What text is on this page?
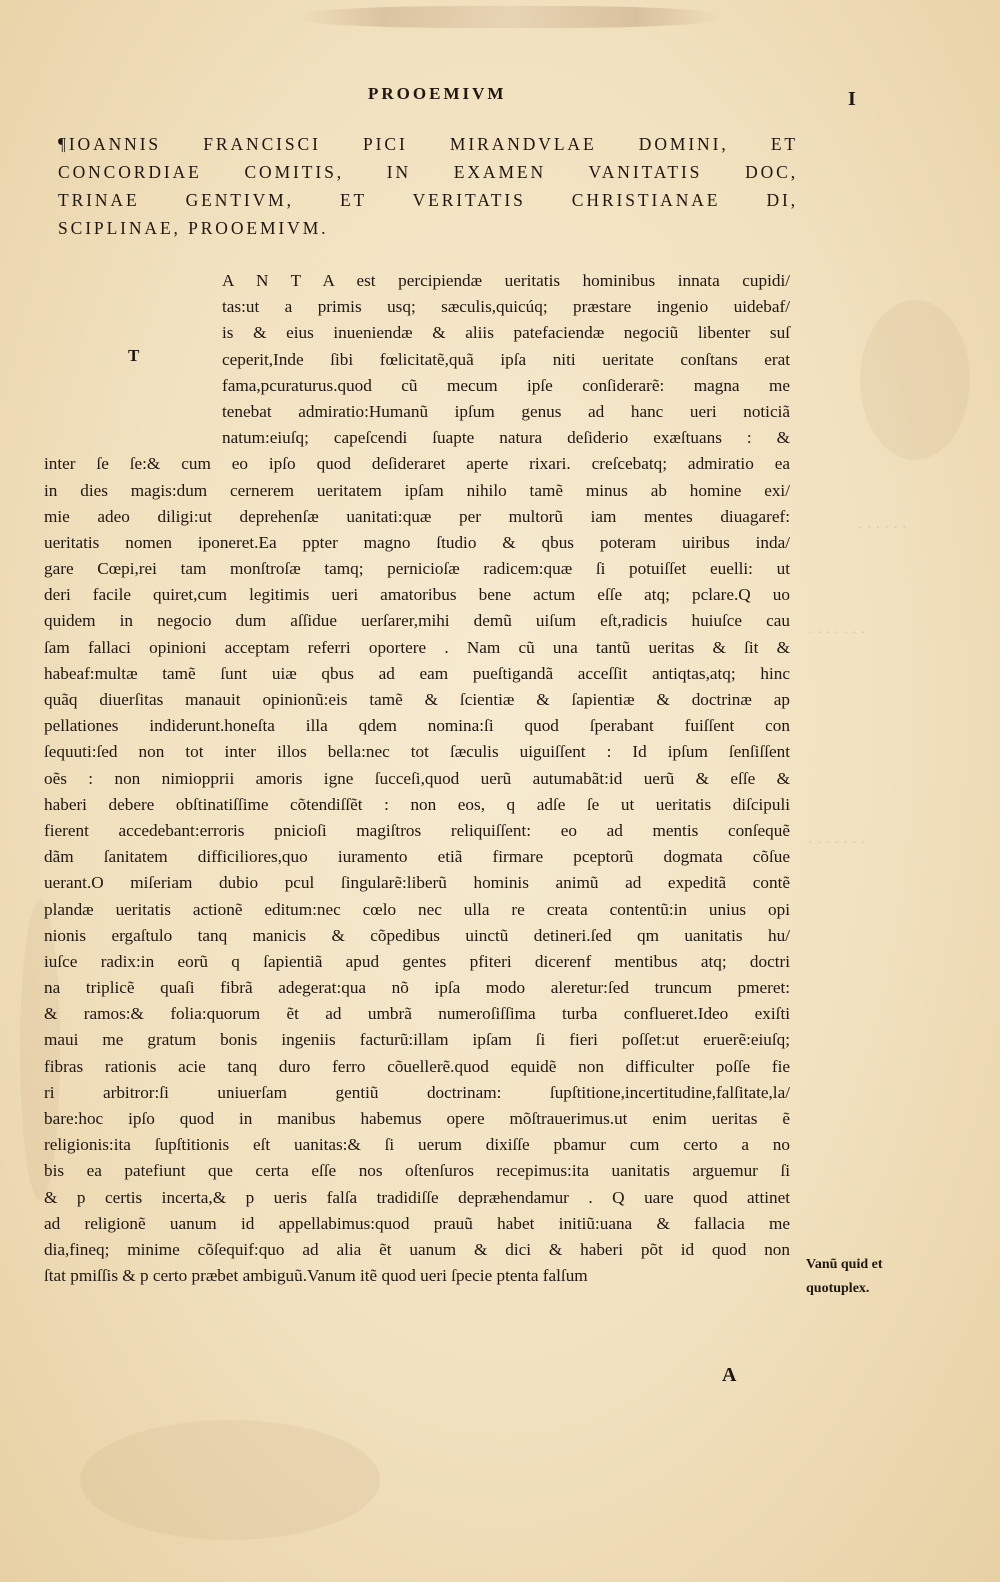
· · · · · ·
· · · · · · ·
· · · · · · ·
PROOEMIVM	I
¶IOANNIS FRANCISCI PICI MIRANDVLAE DOMINI, ET
CONCORDIAE COMITIS, IN EXAMEN VANITATIS DOC,
TRINAE GENTIVM, ET VERITATIS CHRISTIANAE DI,
SCIPLINAE, PROOEMIVM.
T
A N T A est percipiendæ ueritatis hominibus innata cupidi/
tas:ut a primis usq; sæculis,quicúq; præstare ingenio uidebaf/
is & eius inueniendæ & aliis patefaciendæ negociũ libenter suſ
ceperit,Inde ſibi fœlicitatẽ,quã ipſa niti ueritate conſtans erat
fama,pcuraturus.quod cũ mecum ipſe conſiderarẽ: magna me
tenebat admiratio:Humanũ ipſum genus ad hanc ueri noticiã
natum:eiuſq; capeſcendi ſuapte natura deſiderio exæſtuans : &
inter ſe ſe:& cum eo ipſo quod deſideraret aperte rixari. creſcebatq; admiratio ea
in dies magis:dum cernerem ueritatem ipſam nihilo tamẽ minus ab homine exi/
mie adeo diligi:ut deprehenſæ uanitati:quæ per multorũ iam mentes diuagaref:
ueritatis nomen iponeret.Ea ppter magno ſtudio & qbus poteram uiribus inda/
gare Cœpi,rei tam monſtroſæ tamq; pernicioſæ radicem:quæ ſi potuiſſet euelli: ut
deri facile quiret,cum legitimis ueri amatoribus bene actum eſſe atq; pclare.Q uo
quidem in negocio dum aſſidue uerſarer,mihi demũ uiſum eſt,radicis huiuſce cau
ſam fallaci opinioni acceptam referri oportere . Nam cũ una tantũ ueritas & ſit &
habeaf:multæ tamẽ ſunt uiæ qbus ad eam pueſtigandã acceſſit antiqtas,atq; hinc
quãq diuerſitas manauit opinionũ:eis tamẽ & ſcientiæ & ſapientiæ & doctrinæ ap
pellationes indiderunt.honeſta illa qdem nomina:ſi quod ſperabant fuiſſent con
ſequuti:ſed non tot inter illos bella:nec tot ſæculis uiguiſſent : Id ipſum ſenſiſſent
oẽs : non nimiopprii amoris igne ſucceſi,quod uerũ autumabãt:id uerũ & eſſe &
haberi debere obſtinatiſſime cõtendiſſẽt : non eos, q adſe ſe ut ueritatis diſcipuli
fierent accedebant:erroris pnicioſi magiſtros reliquiſſent: eo ad mentis conſequẽ
dãm ſanitatem difficiliores,quo iuramento etiã firmare pceptorũ dogmata cõſue
uerant.O miſeriam dubio pcul ſingularẽ:liberũ hominis animũ ad expeditã contẽ
plandæ ueritatis actionẽ editum:nec cœlo nec ulla re creata contentũ:in unius opi
nionis ergaſtulo tanq manicis & cõpedibus uinctũ detineri.ſed qm uanitatis hu/
iuſce radix:in eorũ q ſapientiã apud gentes pfiteri dicerenf mentibus atq; doctri
na triplicẽ quaſi fibrã adegerat:qua nõ ipſa modo aleretur:ſed truncum pmeret:
& ramos:& folia:quorum ẽt ad umbrã numeroſiſſima turba conflueret.Ideo exiſti
maui me gratum bonis ingeniis facturũ:illam ipſam ſi fieri poſſet:ut eruerẽ:eiuſq;
fibras rationis acie tanq duro ferro cõuellerẽ.quod equidẽ non difficulter poſſe fie
ri arbitror:ſi uniuerſam gentiũ doctrinam: ſupſtitione,incertitudine,falſitate,la/
bare:hoc ipſo quod in manibus habemus opere mõſtrauerimus.ut enim ueritas ẽ
religionis:ita ſupſtitionis eſt uanitas:& ſi uerum dixiſſe pbamur cum certo a no
bis ea patefiunt que certa eſſe nos oſtenſuros recepimus:ita uanitatis arguemur ſi
& p certis incerta,& p ueris falſa tradidiſſe depræhendamur . Q uare quod attinet
ad religionẽ uanum id appellabimus:quod prauũ habet initiũ:uana & fallacia me
dia,fineq; minime cõſequif:quo ad alia ẽt uanum & dici & haberi põt id quod non
ſtat pmiſſis & p certo præbet ambiguũ.Vanum itẽ quod ueri ſpecie ptenta falſum
Vanũ quid et
quotuplex.
A
